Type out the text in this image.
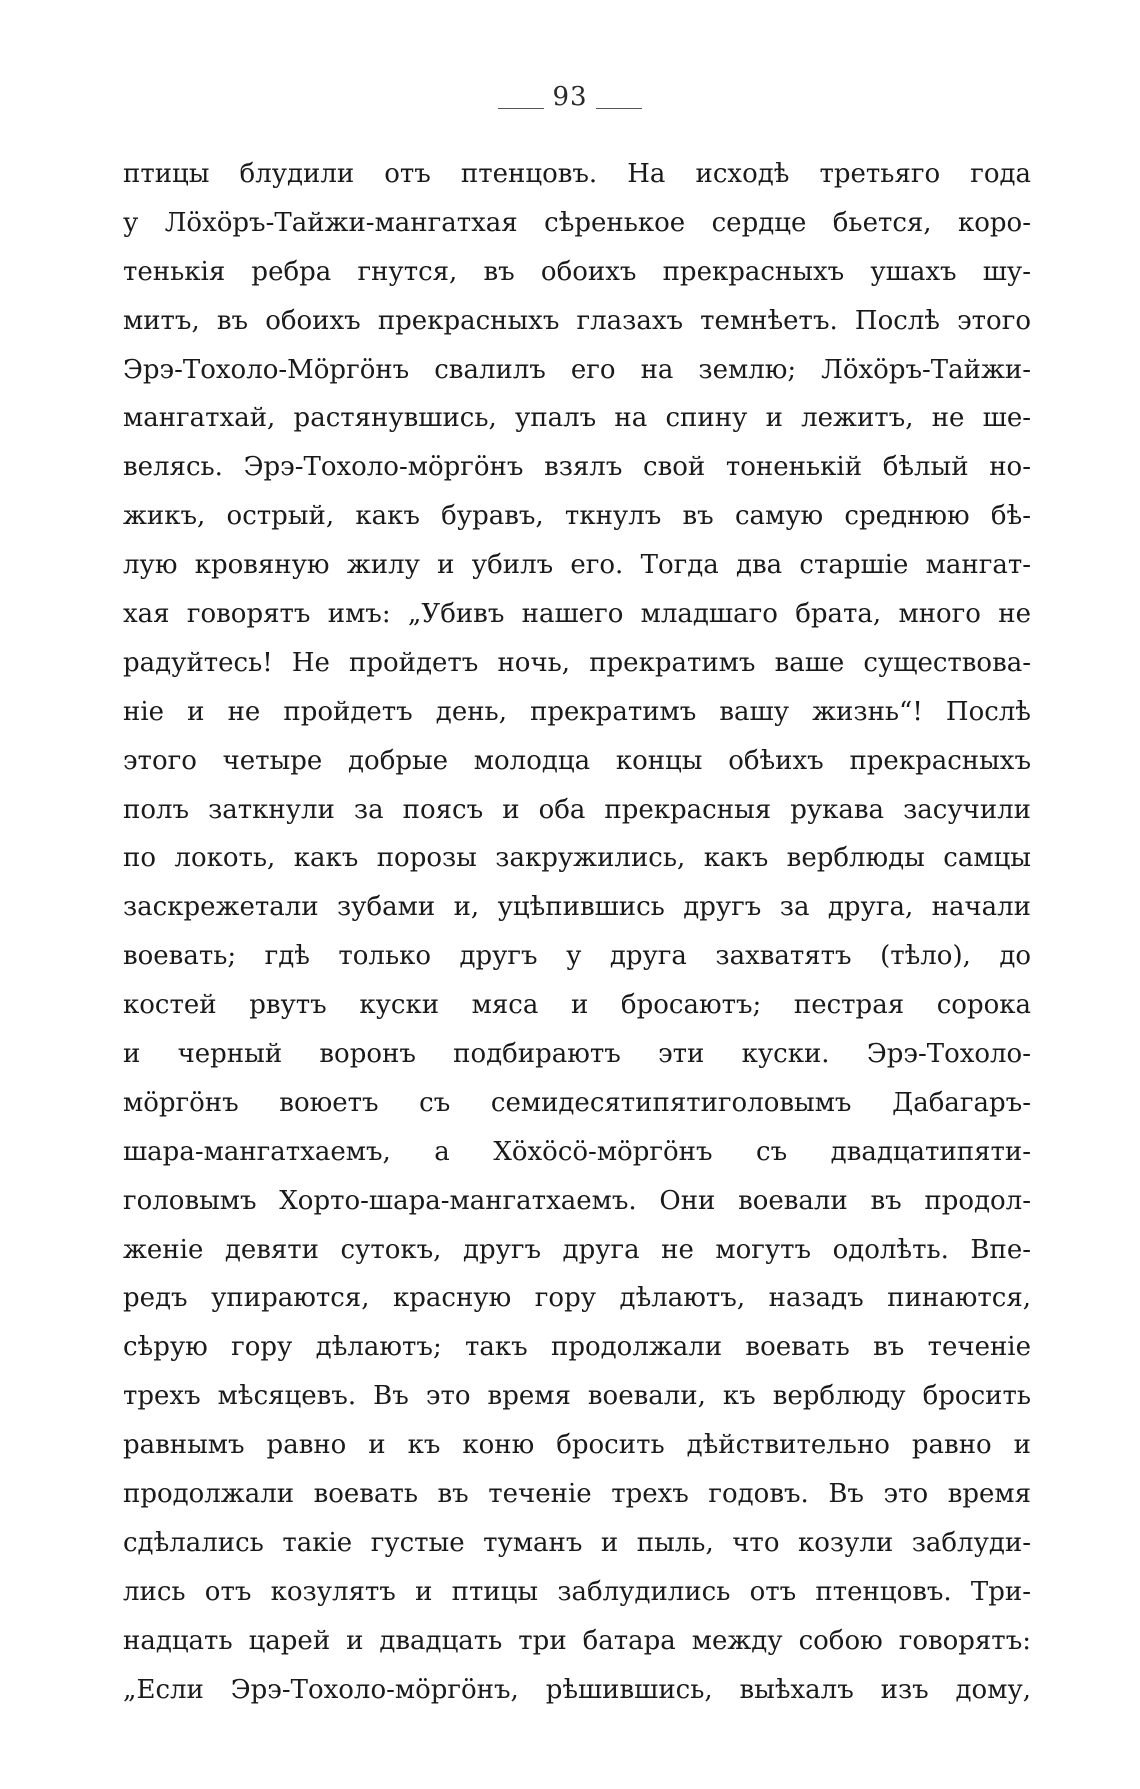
93
птицы блудили отъ птенцовъ. На исходѣ третьяго года
у Лӧхӧръ-Тайжи-мангатхая сѣренькое сердце бьется, коро-
тенькія ребра гнутся, въ обоихъ прекрасныхъ ушахъ шу-
митъ, въ обоихъ прекрасныхъ глазахъ темнѣетъ. Послѣ этого
Эрэ-Тохоло-Мӧргӧнъ свалилъ его на землю; Лӧхӧръ-Тайжи-
мангатхай, растянувшись, упалъ на спину и лежитъ, не ше-
велясь. Эрэ-Тохоло-мӧргӧнъ взялъ свой тоненькій бѣлый но-
жикъ, острый, какъ буравъ, ткнулъ въ самую среднюю бѣ-
лую кровяную жилу и убилъ его. Тогда два старшіе мангат-
хая говорятъ имъ: „Убивъ нашего младшаго брата, много не
радуйтесь! Не пройдетъ ночь, прекратимъ ваше существова-
ніе и не пройдетъ день, прекратимъ вашу жизнь“! Послѣ
этого четыре добрые молодца концы обѣихъ прекрасныхъ
полъ заткнули за поясъ и оба прекрасныя рукава засучили
по локоть, какъ порозы закружились, какъ верблюды самцы
заскрежетали зубами и, уцѣпившись другъ за друга, начали
воевать; гдѣ только другъ у друга захватятъ (тѣло), до
костей рвутъ куски мяса и бросаютъ; пестрая сорока
и черный воронъ подбираютъ эти куски. Эрэ-Тохоло-
мӧргӧнъ воюетъ съ семидесятипятиголовымъ Дабагаръ-
шара-мангатхаемъ, а Хӧхӧсӧ-мӧргӧнъ съ двадцатипяти-
головымъ Хорто-шара-мангатхаемъ. Они воевали въ продол-
женіе девяти сутокъ, другъ друга не могутъ одолѣть. Впе-
редъ упираются, красную гору дѣлаютъ, назадъ пинаются,
сѣрую гору дѣлаютъ; такъ продолжали воевать въ теченіе
трехъ мѣсяцевъ. Въ это время воевали, къ верблюду бросить
равнымъ равно и къ коню бросить дѣйствительно равно и
продолжали воевать въ теченіе трехъ годовъ. Въ это время
сдѣлались такіе густые туманъ и пыль, что козули заблуди-
лись отъ козулятъ и птицы заблудились отъ птенцовъ. Три-
надцать царей и двадцать три батара между собою говорятъ:
„Если Эрэ-Тохоло-мӧргӧнъ, рѣшившись, выѣхалъ изъ дому,
